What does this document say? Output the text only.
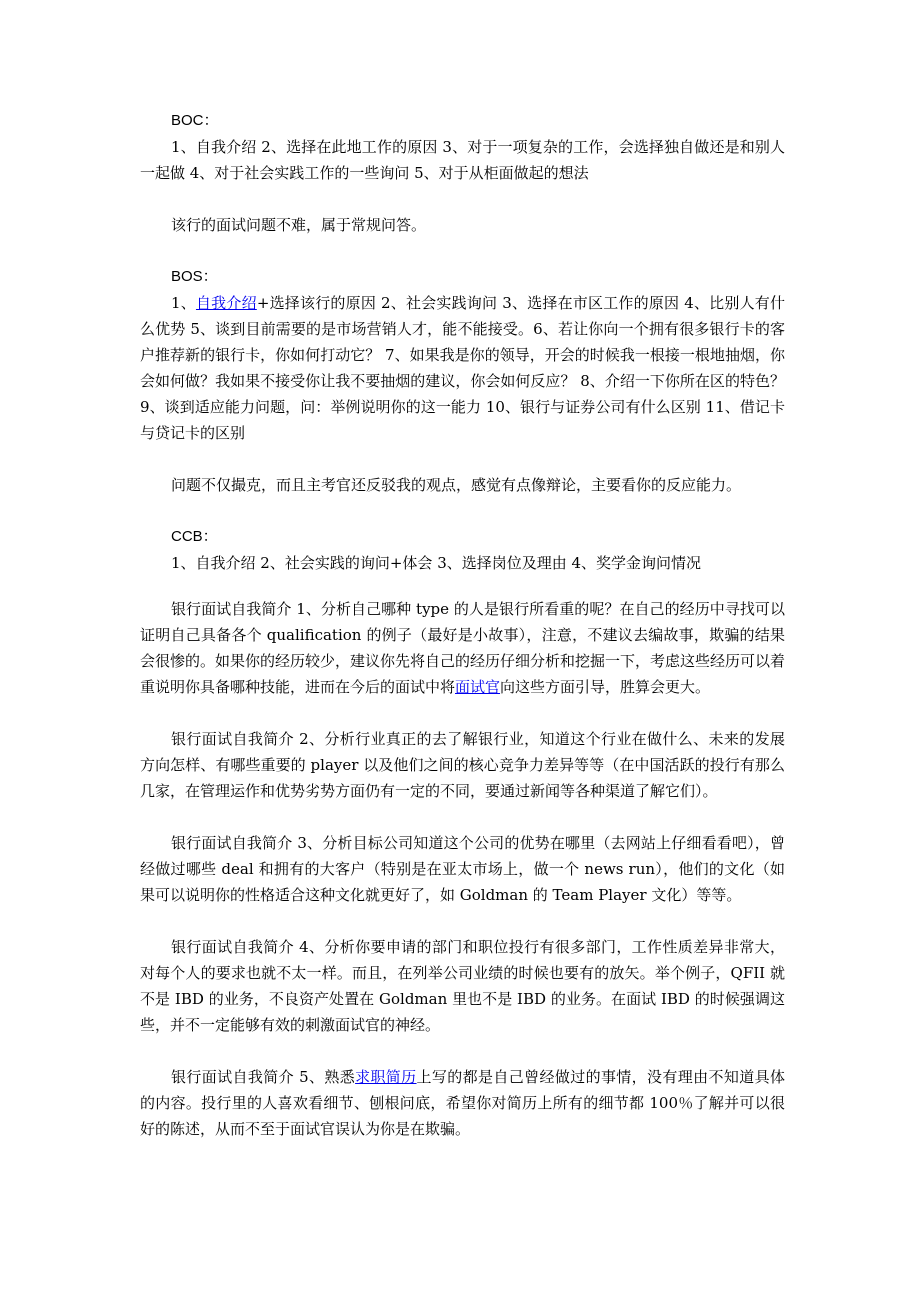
BOC：

1、自我介绍 2、选择在此地工作的原因 3、对于一项复杂的工作，会选择独自做还是和别人一起做 4、对于社会实践工作的一些询问 5、对于从柜面做起的想法

该行的面试问题不难，属于常规问答。

BOS：

1、自我介绍+选择该行的原因 2、社会实践询问 3、选择在市区工作的原因 4、比别人有什么优势 5、谈到目前需要的是市场营销人才，能不能接受。6、若让你向一个拥有很多银行卡的客户推荐新的银行卡，你如何打动它？ 7、如果我是你的领导，开会的时候我一根接一根地抽烟，你会如何做？我如果不接受你让我不要抽烟的建议，你会如何反应？ 8、介绍一下你所在区的特色？ 9、谈到适应能力问题，问：举例说明你的这一能力 10、银行与证券公司有什么区别 11、借记卡与贷记卡的区别

问题不仅撮克，而且主考官还反驳我的观点，感觉有点像辩论，主要看你的反应能力。

CCB：

1、自我介绍 2、社会实践的询问+体会 3、选择岗位及理由 4、奖学金询问情况

银行面试自我简介 1、分析自己哪种 type 的人是银行所看重的呢？在自己的经历中寻找可以证明自己具备各个 qualification 的例子（最好是小故事），注意，不建议去编故事，欺骗的结果会很惨的。如果你的经历较少，建议你先将自己的经历仔细分析和挖掘一下，考虑这些经历可以着重说明你具备哪种技能，进而在今后的面试中将面试官向这些方面引导，胜算会更大。

银行面试自我简介 2、分析行业真正的去了解银行业，知道这个行业在做什么、未来的发展方向怎样、有哪些重要的 player 以及他们之间的核心竞争力差异等等（在中国活跃的投行有那么几家，在管理运作和优势劣势方面仍有一定的不同，要通过新闻等各种渠道了解它们）。

银行面试自我简介 3、分析目标公司知道这个公司的优势在哪里（去网站上仔细看看吧），曾经做过哪些 deal 和拥有的大客户（特别是在亚太市场上，做一个 news run），他们的文化（如果可以说明你的性格适合这种文化就更好了，如 Goldman 的 Team Player 文化）等等。

银行面试自我简介 4、分析你要申请的部门和职位投行有很多部门，工作性质差异非常大，对每个人的要求也就不太一样。而且，在列举公司业绩的时候也要有的放矢。举个例子，QFII 就不是 IBD 的业务，不良资产处置在 Goldman 里也不是 IBD 的业务。在面试 IBD 的时候强调这些，并不一定能够有效的刺激面试官的神经。

银行面试自我简介 5、熟悉求职简历上写的都是自己曾经做过的事情，没有理由不知道具体的内容。投行里的人喜欢看细节、刨根问底，希望你对简历上所有的细节都 100％了解并可以很好的陈述，从而不至于面试官误认为你是在欺骗。
